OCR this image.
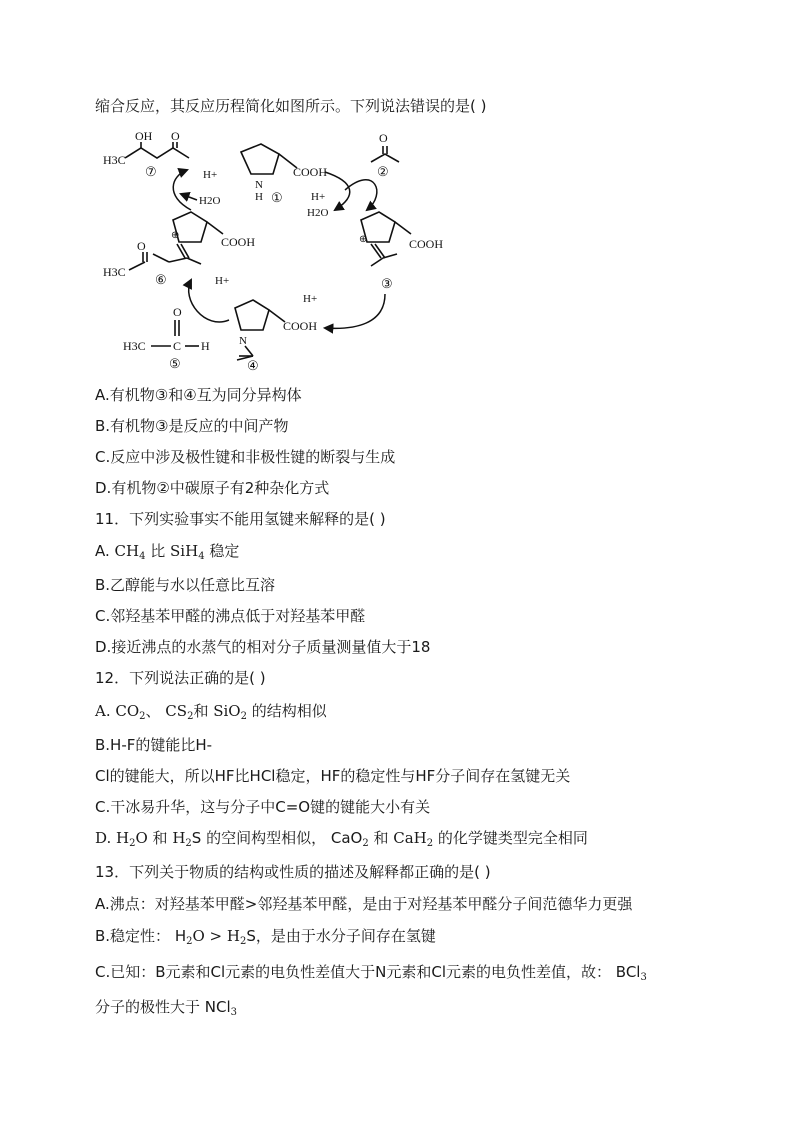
缩合反应，其反应历程简化如图所示。下列说法错误的是( )
OH O
H3C
⑦	COOH
N
H ①
O
②
H+
H2O
COOH
⊕
③
H+
COOH
N
④
O
H3C C H
⑤
H+
COOH
⊕
O
H3C ⑥
H+
H2O
A.有机物③和④互为同分异构体
B.有机物③是反应的中间产物
C.反应中涉及极性键和非极性键的断裂与生成
D.有机物②中碳原子有2种杂化方式
11．下列实验事实不能用氢键来解释的是( )
A. $CH_4$ 比 SiH$_4$ 稳定
B.乙醇能与水以任意比互溶
C.邻羟基苯甲醛的沸点低于对羟基苯甲醛
D.接近沸点的水蒸气的相对分子质量测量值大于18
12．下列说法正确的是( )
A. $CO_2$、 $CS_2$和 SiO$_2$ 的结构相似
B.H-F的键能比H-
Cl的键能大，所以HF比HCl稳定，HF的稳定性与HF分子间存在氢键无关
C.干冰易升华，这与分子中C=O键的键能大小有关
D. $H_2O$ 和 $H_2S$ 的空间构型相似， CaO$_2$ 和 CaH$_2$ 的化学键类型完全相同
13．下列关于物质的结构或性质的描述及解释都正确的是( )
A.沸点：对羟基苯甲醛>邻羟基苯甲醛，是由于对羟基苯甲醛分子间范德华力更强
B.稳定性： $H_2O > H_2S$，是由于水分子间存在氢键
C.已知：B元素和Cl元素的电负性差值大于N元素和Cl元素的电负性差值，故： BCl$_3$
分子的极性大于 NCl$_3$
